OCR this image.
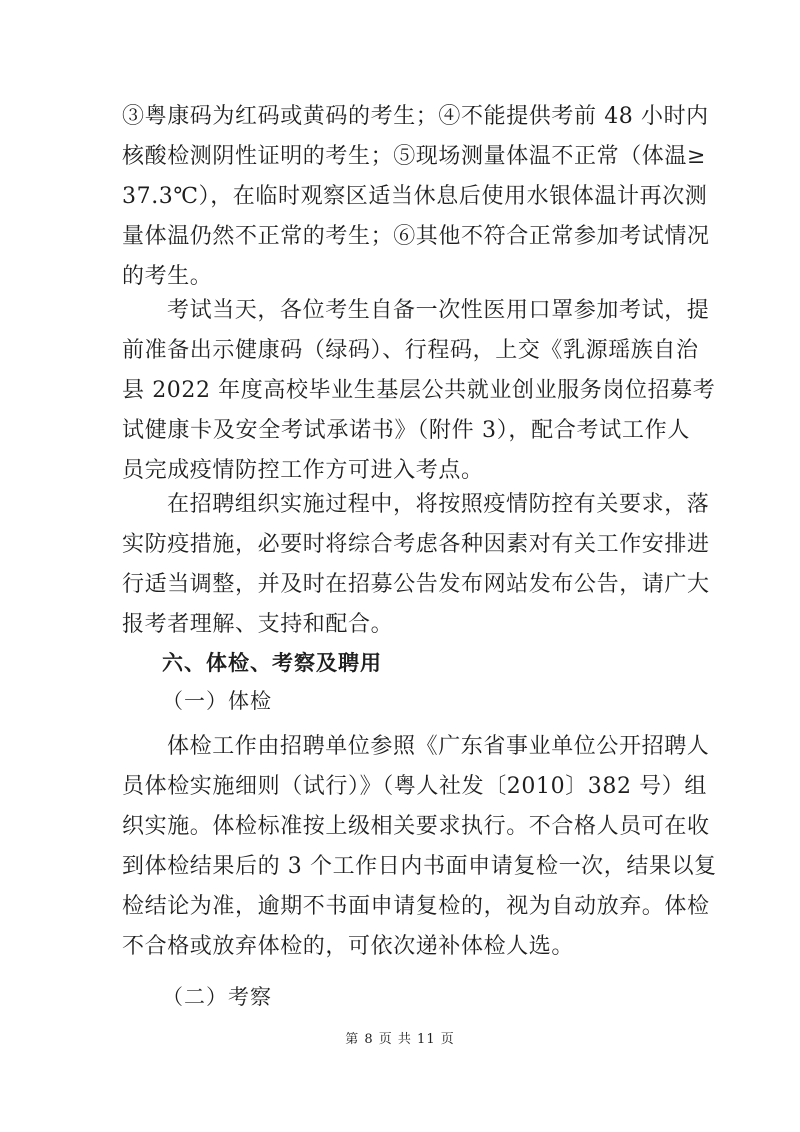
③粤康码为红码或黄码的考生；④不能提供考前 48 小时内
核酸检测阴性证明的考生；⑤现场测量体温不正常（体温≥
37.3℃），在临时观察区适当休息后使用水银体温计再次测
量体温仍然不正常的考生；⑥其他不符合正常参加考试情况
的考生。
考试当天，各位考生自备一次性医用口罩参加考试，提
前准备出示健康码（绿码）、行程码，上交《乳源瑶族自治
县 2022 年度高校毕业生基层公共就业创业服务岗位招募考
试健康卡及安全考试承诺书》（附件 3），配合考试工作人
员完成疫情防控工作方可进入考点。
在招聘组织实施过程中，将按照疫情防控有关要求，落
实防疫措施，必要时将综合考虑各种因素对有关工作安排进
行适当调整，并及时在招募公告发布网站发布公告，请广大
报考者理解、支持和配合。
六、体检、考察及聘用
（一）体检
体检工作由招聘单位参照《广东省事业单位公开招聘人
员体检实施细则（试行）》（粤人社发〔2010〕382 号）组
织实施。体检标准按上级相关要求执行。不合格人员可在收
到体检结果后的 3 个工作日内书面申请复检一次，结果以复
检结论为准，逾期不书面申请复检的，视为自动放弃。体检
不合格或放弃体检的，可依次递补体检人选。
（二）考察
第 8 页 共 11 页
